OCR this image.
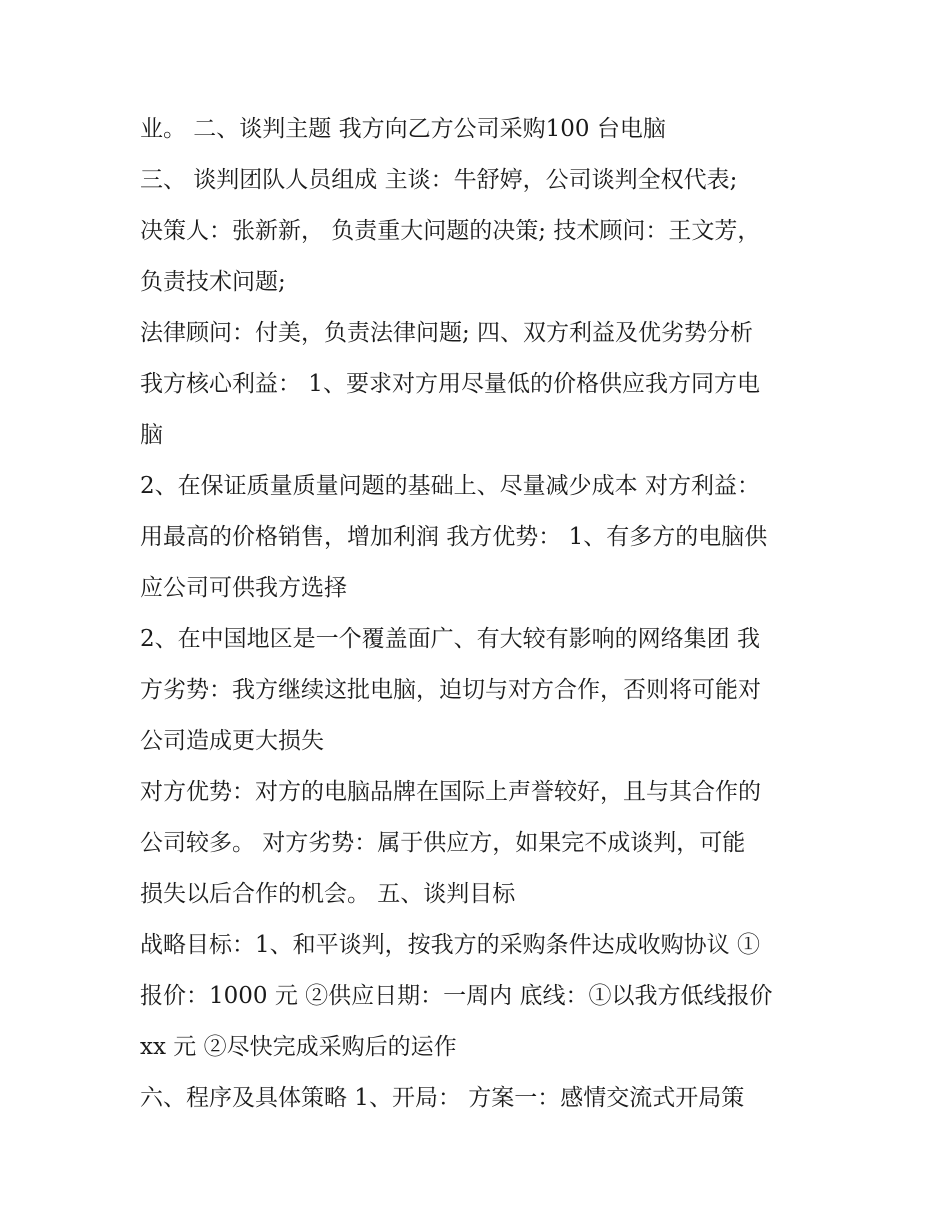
业。 二、谈判主题 我方向乙方公司采购100 台电脑
三、 谈判团队人员组成 主谈：牛舒婷，公司谈判全权代表;
决策人：张新新， 负责重大问题的决策; 技术顾问：王文芳，
负责技术问题;
法律顾问：付美，负责法律问题; 四、双方利益及优劣势分析
我方核心利益： 1、要求对方用尽量低的价格供应我方同方电
脑
2、在保证质量质量问题的基础上、尽量减少成本 对方利益：
用最高的价格销售，增加利润 我方优势： 1、有多方的电脑供
应公司可供我方选择
2、在中国地区是一个覆盖面广、有大较有影响的网络集团 我
方劣势：我方继续这批电脑，迫切与对方合作，否则将可能对
公司造成更大损失
对方优势：对方的电脑品牌在国际上声誉较好，且与其合作的
公司较多。 对方劣势：属于供应方，如果完不成谈判，可能
损失以后合作的机会。 五、谈判目标
战略目标：1、和平谈判，按我方的采购条件达成收购协议 ①
报价：1000 元 ②供应日期：一周内 底线：①以我方低线报价
xx 元 ②尽快完成采购后的运作
六、程序及具体策略 1、开局： 方案一：感情交流式开局策
